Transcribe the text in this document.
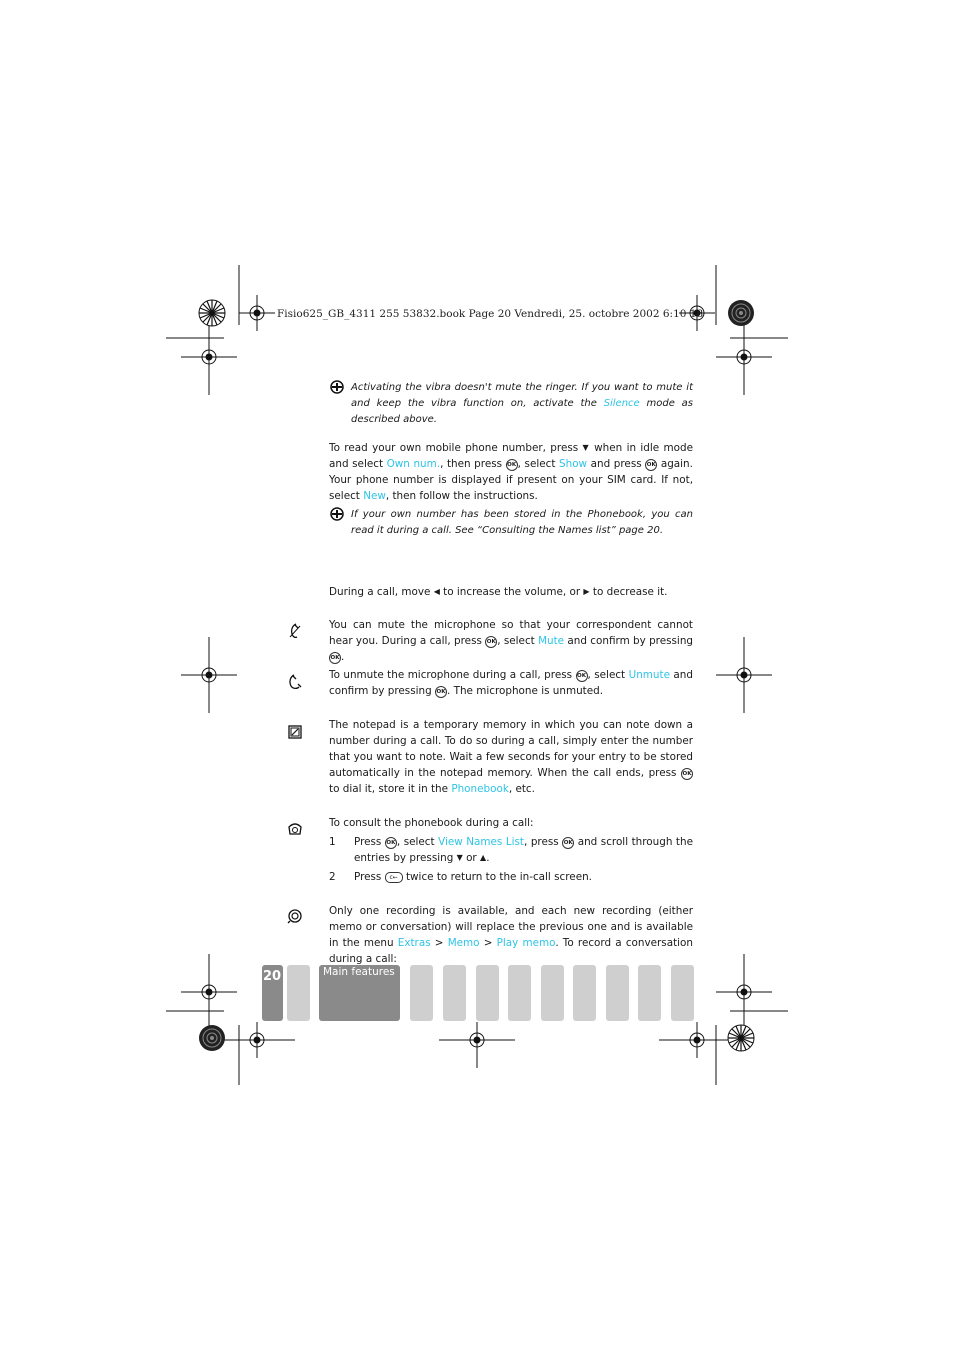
Fisio625_GB_4311 255 53832.book Page 20 Vendredi, 25. octobre 2002 6:10 18
Activating the vibra doesn't mute the ringer. If you want to mute it and keep the vibra function on, activate the Silence mode as described above.
To read your own mobile phone number, press ▼ when in idle mode and select Own num., then press OK , select Show and press OK again. Your phone number is displayed if present on your SIM card. If not, select New, then follow the instructions.
If your own number has been stored in the Phonebook, you can read it during a call. See “Consulting the Names list” page 20.
During a call, move ◀ to increase the volume, or ▶ to decrease it.
You can mute the microphone so that your correspondent cannot hear you. During a call, press OK , select Mute and confirm by pressing OK .
To unmute the microphone during a call, press OK , select Unmute and confirm by pressing OK . The microphone is unmuted.
The notepad is a temporary memory in which you can note down a number during a call. To do so during a call, simply enter the number that you want to note. Wait a few seconds for your entry to be stored automatically in the notepad memory. When the call ends, press OK to dial it, store it in the Phonebook, etc.
To consult the phonebook during a call:
1 Press OK , select View Names List, press OK and scroll through the entries by pressing ▼ or ▲.
2 Press c← twice to return to the in-call screen.
Only one recording is available, and each new recording (either memo or conversation) will replace the previous one and is available in the menu Extras > Memo > Play memo. To record a conversation during a call:
20	Main features
